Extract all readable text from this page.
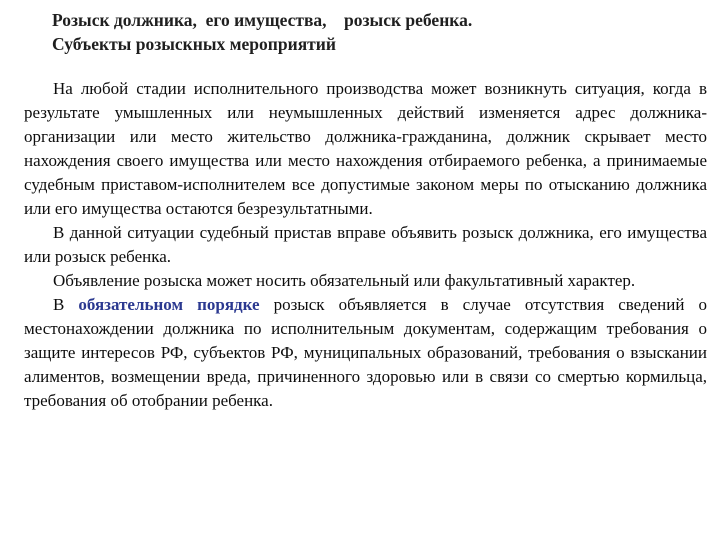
Розыск должника,  его имущества,    розыск ребенка.
Субъекты розыскных мероприятий

На любой стадии исполнительного производства может возникнуть ситуация, когда в результате умышленных или неумышленных действий изменяется адрес должника-организации или место жительство должника-гражданина, должник скрывает место нахождения своего имущества или место нахождения отбираемого ребенка, а принимаемые судебным приставом-исполнителем все допустимые законом меры по отысканию должника или его имущества остаются безрезультатными.

В данной ситуации судебный пристав вправе объявить розыск должника, его имущества или розыск ребенка.

Объявление розыска может носить обязательный или факультативный характер.

В обязательном порядке розыск объявляется в случае отсутствия сведений о местонахождении должника по исполнительным документам, содержащим требования о защите интересов РФ, субъектов РФ, муниципальных образований, требования о взыскании алиментов, возмещении вреда, причиненного здоровью или в связи со смертью кормильца, требования об отобрании ребенка.
